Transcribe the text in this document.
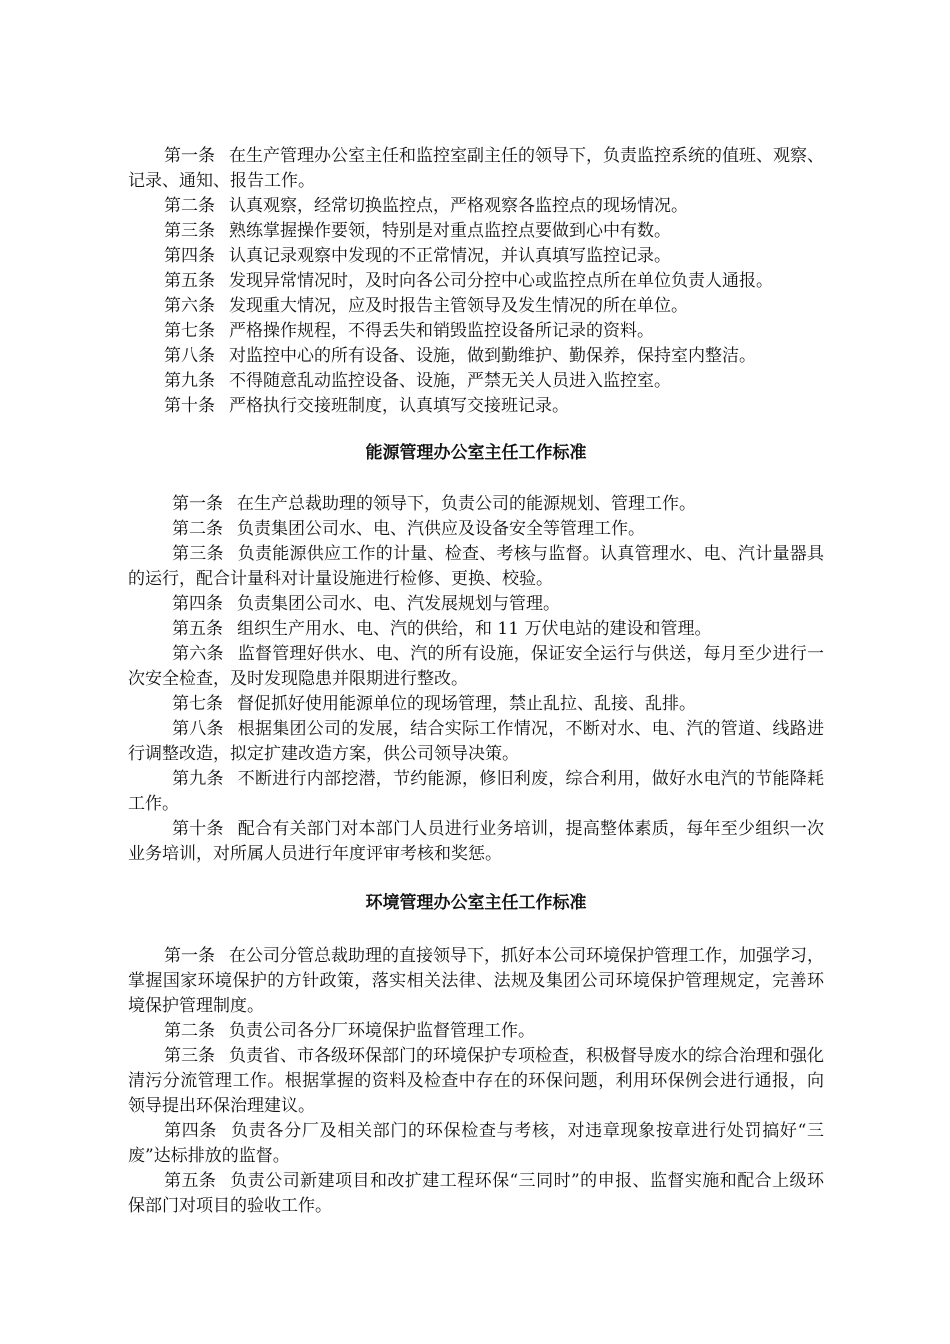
第一条 在生产管理办公室主任和监控室副主任的领导下，负责监控系统的值班、观察、记录、通知、报告工作。

第二条 认真观察，经常切换监控点，严格观察各监控点的现场情况。

第三条 熟练掌握操作要领，特别是对重点监控点要做到心中有数。

第四条 认真记录观察中发现的不正常情况，并认真填写监控记录。

第五条 发现异常情况时，及时向各公司分控中心或监控点所在单位负责人通报。

第六条 发现重大情况，应及时报告主管领导及发生情况的所在单位。

第七条 严格操作规程，不得丢失和销毁监控设备所记录的资料。

第八条 对监控中心的所有设备、设施，做到勤维护、勤保养，保持室内整洁。

第九条 不得随意乱动监控设备、设施，严禁无关人员进入监控室。

第十条 严格执行交接班制度，认真填写交接班记录。

能源管理办公室主任工作标准

第一条 在生产总裁助理的领导下，负责公司的能源规划、管理工作。

第二条 负责集团公司水、电、汽供应及设备安全等管理工作。

第三条 负责能源供应工作的计量、检查、考核与监督。认真管理水、电、汽计量器具的运行，配合计量科对计量设施进行检修、更换、校验。

第四条 负责集团公司水、电、汽发展规划与管理。

第五条 组织生产用水、电、汽的供给，和 11 万伏电站的建设和管理。

第六条 监督管理好供水、电、汽的所有设施，保证安全运行与供送，每月至少进行一次安全检查，及时发现隐患并限期进行整改。

第七条 督促抓好使用能源单位的现场管理，禁止乱拉、乱接、乱排。

第八条 根据集团公司的发展，结合实际工作情况，不断对水、电、汽的管道、线路进行调整改造，拟定扩建改造方案，供公司领导决策。

第九条 不断进行内部挖潜，节约能源，修旧利废，综合利用，做好水电汽的节能降耗工作。

第十条 配合有关部门对本部门人员进行业务培训，提高整体素质，每年至少组织一次业务培训，对所属人员进行年度评审考核和奖惩。

环境管理办公室主任工作标准

第一条 在公司分管总裁助理的直接领导下，抓好本公司环境保护管理工作，加强学习，掌握国家环境保护的方针政策，落实相关法律、法规及集团公司环境保护管理规定，完善环境保护管理制度。

第二条 负责公司各分厂环境保护监督管理工作。

第三条 负责省、市各级环保部门的环境保护专项检查，积极督导废水的综合治理和强化清污分流管理工作。根据掌握的资料及检查中存在的环保问题，利用环保例会进行通报，向领导提出环保治理建议。

第四条 负责各分厂及相关部门的环保检查与考核，对违章现象按章进行处罚搞好“三废”达标排放的监督。

第五条 负责公司新建项目和改扩建工程环保“三同时”的申报、监督实施和配合上级环保部门对项目的验收工作。
